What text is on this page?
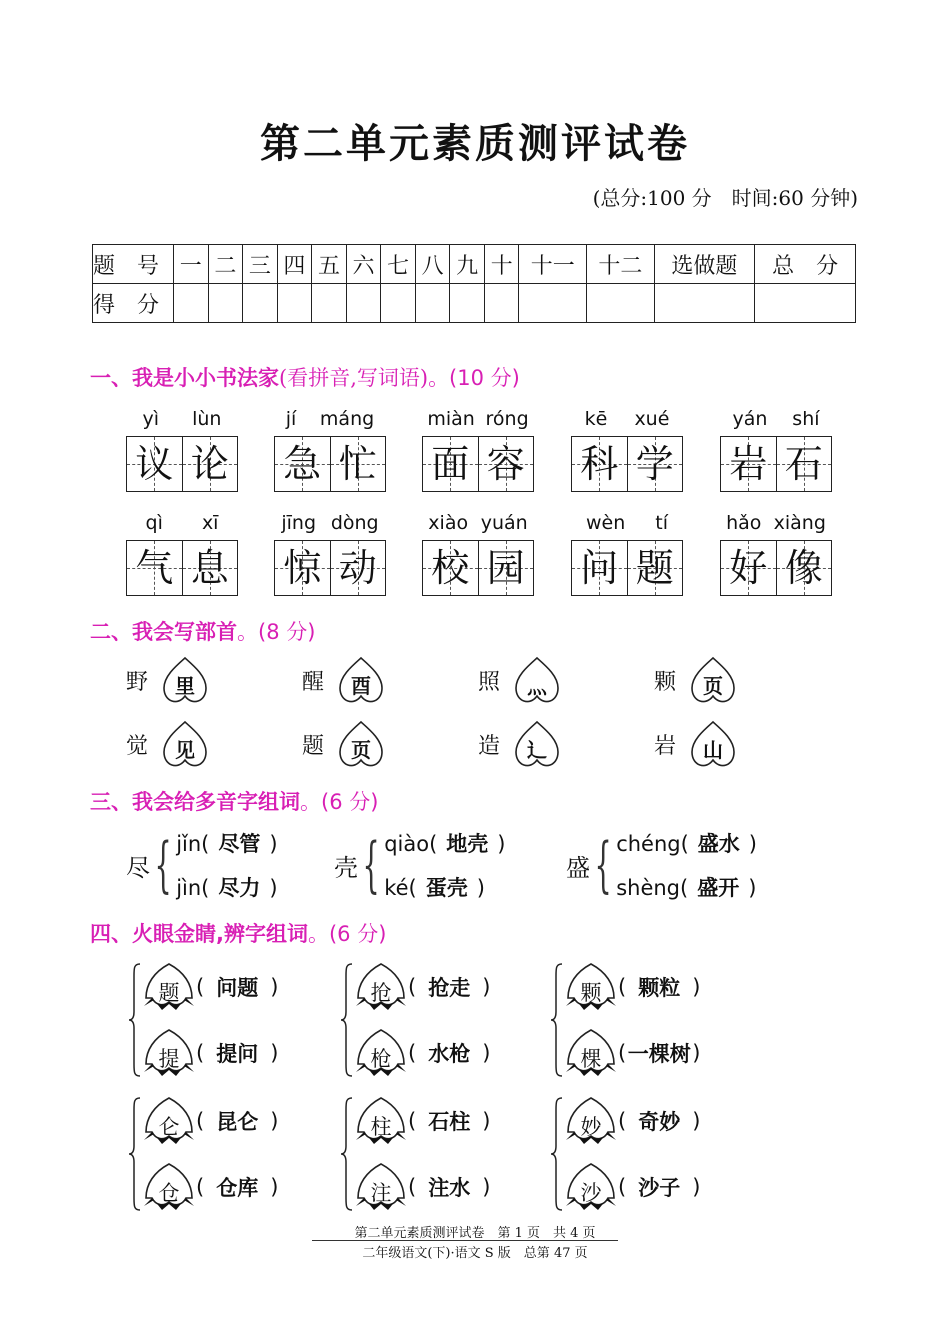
第二单元素质测评试卷
(总分:100 分　时间:60 分钟)
题　号	一	二	三	四	五	六	七	八	九	十	十一	十二	选做题	总　分
得　分														
一、我是小小书法家(看拼音,写词语)。(10 分)
yì lùn
议 论
jí máng
急 忙
miàn róng
面 容
kē xué
科 学
yán shí
岩 石
qì xī
气 息
jīng dòng
惊 动
xiào yuán
校 园
wèn tí
问 题
hǎo xiàng
好 像
二、我会写部首。(8 分)
野	里	醒	酉	照	灬	颗	页
觉	见	题	页	造	辶	岩	山
三、我会给多音字组词。(6 分)
尽 { jǐn( 尽管 )
jìn( 尽力 )
壳 { qiào( 地壳 )
ké( 蛋壳 )
盛 { chéng( 盛水 )
shèng( 盛开 )
四、火眼金睛,辨字组词。(6 分)
题 ( 问题 )
提 ( 提问 )
抢 ( 抢走 )
枪 ( 水枪 )
颗 ( 颗粒 )
棵 ( 一棵树 )
仑 ( 昆仑 )
仓 ( 仓库 )
柱 ( 石柱 )
注 ( 注水 )
妙 ( 奇妙 )
沙 ( 沙子 )
第二单元素质测评试卷　第 1 页　共 4 页
二年级语文(下)·语文 S 版　总第 47 页
